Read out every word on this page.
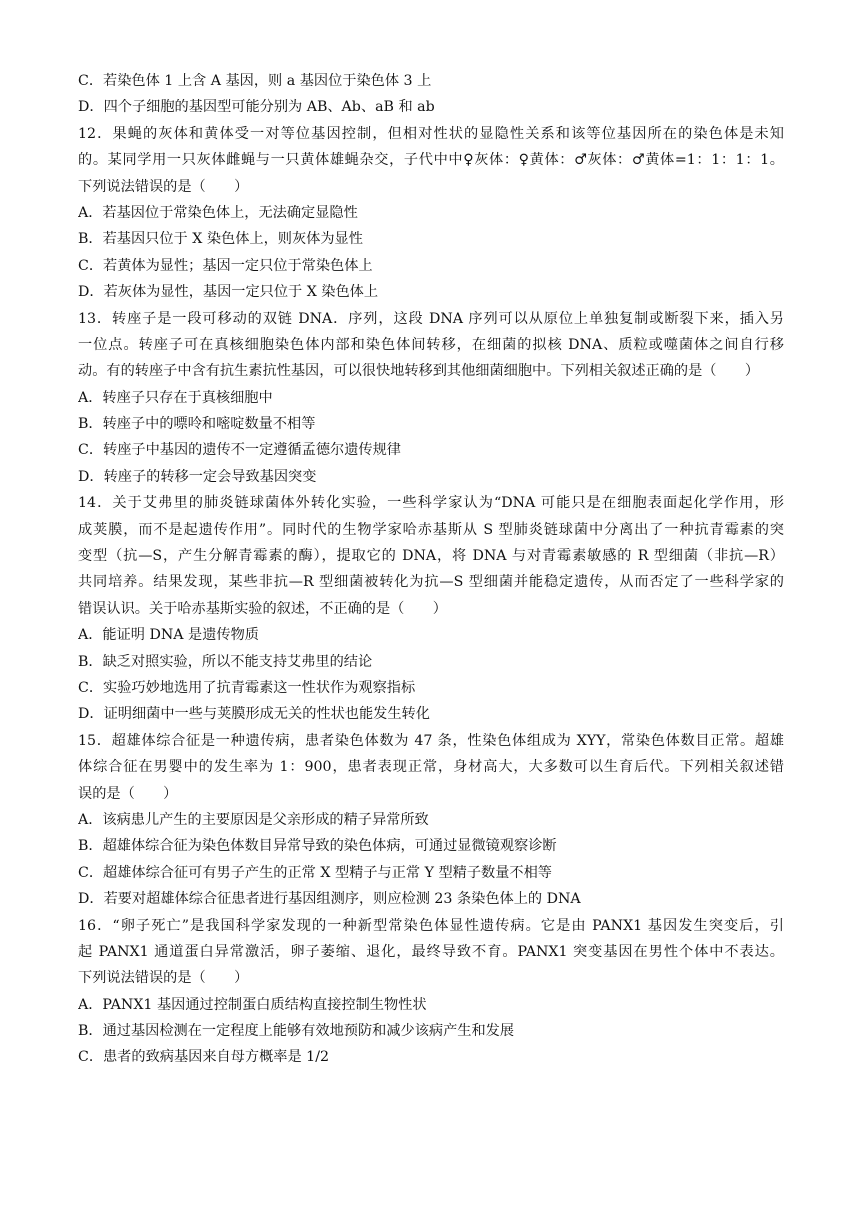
C．若染色体 1 上含 A 基因，则 a 基因位于染色体 3 上
D．四个子细胞的基因型可能分别为 AB、Ab、aB 和 ab
12．果蝇的灰体和黄体受一对等位基因控制，但相对性状的显隐性关系和该等位基因所在的染色体是未知
的。某同学用一只灰体雌蝇与一只黄体雄蝇杂交，子代中中♀灰体：♀黄体：♂灰体：♂黄体=1：1：1：1。
下列说法错误的是（　　）
A．若基因位于常染色体上，无法确定显隐性
B．若基因只位于 X 染色体上，则灰体为显性
C．若黄体为显性；基因一定只位于常染色体上
D．若灰体为显性，基因一定只位于 X 染色体上
13．转座子是一段可移动的双链 DNA．序列，这段 DNA 序列可以从原位上单独复制或断裂下来，插入另
一位点。转座子可在真核细胞染色体内部和染色体间转移，在细菌的拟核 DNA、质粒或噬菌体之间自行移
动。有的转座子中含有抗生素抗性基因，可以很快地转移到其他细菌细胞中。下列相关叙述正确的是（　　）
A．转座子只存在于真核细胞中
B．转座子中的嘌呤和嘧啶数量不相等
C．转座子中基因的遗传不一定遵循孟德尔遗传规律
D．转座子的转移一定会导致基因突变
14．关于艾弗里的肺炎链球菌体外转化实验，一些科学家认为“DNA 可能只是在细胞表面起化学作用，形
成荚膜，而不是起遗传作用”。同时代的生物学家哈赤基斯从 S 型肺炎链球菌中分离出了一种抗青霉素的突
变型（抗—S，产生分解青霉素的酶），提取它的 DNA，将 DNA 与对青霉素敏感的 R 型细菌（非抗—R）
共同培养。结果发现，某些非抗—R 型细菌被转化为抗—S 型细菌并能稳定遗传，从而否定了一些科学家的
错误认识。关于哈赤基斯实验的叙述，不正确的是（　　）
A．能证明 DNA 是遗传物质
B．缺乏对照实验，所以不能支持艾弗里的结论
C．实验巧妙地选用了抗青霉素这一性状作为观察指标
D．证明细菌中一些与荚膜形成无关的性状也能发生转化
15．超雄体综合征是一种遗传病，患者染色体数为 47 条，性染色体组成为 XYY，常染色体数目正常。超雄
体综合征在男婴中的发生率为 1：900，患者表现正常，身材高大，大多数可以生育后代。下列相关叙述错
误的是（　　）
A．该病患儿产生的主要原因是父亲形成的精子异常所致
B．超雄体综合征为染色体数目异常导致的染色体病，可通过显微镜观察诊断
C．超雄体综合征可有男子产生的正常 X 型精子与正常 Y 型精子数量不相等
D．若要对超雄体综合征患者进行基因组测序，则应检测 23 条染色体上的 DNA
16．“卵子死亡”是我国科学家发现的一种新型常染色体显性遗传病。它是由 PANX1 基因发生突变后，引
起 PANX1 通道蛋白异常激活，卵子萎缩、退化，最终导致不育。PANX1 突变基因在男性个体中不表达。
下列说法错误的是（　　）
A．PANX1 基因通过控制蛋白质结构直接控制生物性状
B．通过基因检测在一定程度上能够有效地预防和减少该病产生和发展
C．患者的致病基因来自母方概率是 1/2
